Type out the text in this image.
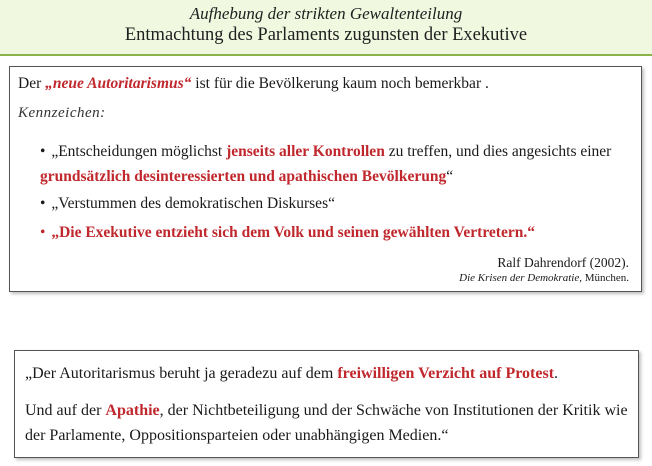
Aufhebung der strikten Gewaltenteilung
Entmachtung des Parlaments zugunsten der Exekutive
Der „neue Autoritarismus“ ist für die Bevölkerung kaum noch bemerkbar .
Kennzeichen:
• „Entscheidungen möglichst jenseits aller Kontrollen zu treffen, und dies angesichts einer grundsätzlich desinteressierten und apathischen Bevölkerung“
• „Verstummen des demokratischen Diskurses“
• „Die Exekutive entzieht sich dem Volk und seinen gewählten Vertretern.“
Ralf Dahrendorf (2002).
Die Krisen der Demokratie, München.
„Der Autoritarismus beruht ja geradezu auf dem freiwilligen Verzicht auf Protest.
Und auf der Apathie, der Nichtbeteiligung und der Schwäche von Institutionen der Kritik wie der Parlamente, Oppositionsparteien oder unabhängigen Medien.“
